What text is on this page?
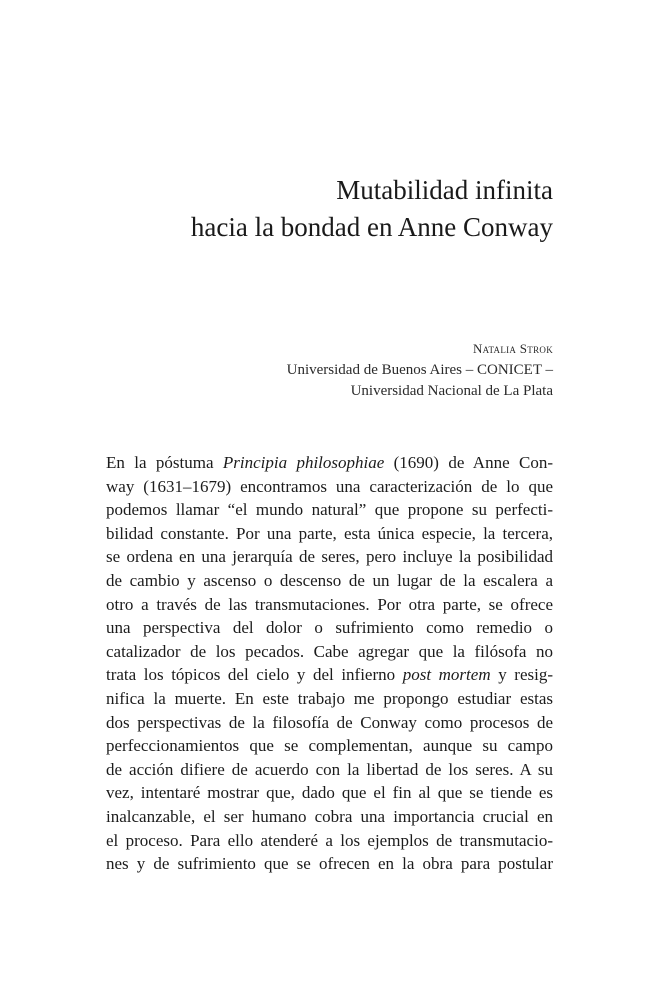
Mutabilidad infinita
hacia la bondad en Anne Conway
Natalia Strok
Universidad de Buenos Aires – CONICET –
Universidad Nacional de La Plata
En la póstuma Principia philosophiae (1690) de Anne Con-
way (1631–1679) encontramos una caracterización de lo que
podemos llamar “el mundo natural” que propone su perfecti-
bilidad constante. Por una parte, esta única especie, la tercera,
se ordena en una jerarquía de seres, pero incluye la posibilidad
de cambio y ascenso o descenso de un lugar de la escalera a
otro a través de las transmutaciones. Por otra parte, se ofrece
una perspectiva del dolor o sufrimiento como remedio o
catalizador de los pecados. Cabe agregar que la filósofa no
trata los tópicos del cielo y del infierno post mortem y resig-
nifica la muerte. En este trabajo me propongo estudiar estas
dos perspectivas de la filosofía de Conway como procesos de
perfeccionamientos que se complementan, aunque su campo
de acción difiere de acuerdo con la libertad de los seres. A su
vez, intentaré mostrar que, dado que el fin al que se tiende es
inalcanzable, el ser humano cobra una importancia crucial en
el proceso. Para ello atenderé a los ejemplos de transmutacio-
nes y de sufrimiento que se ofrecen en la obra para postular
